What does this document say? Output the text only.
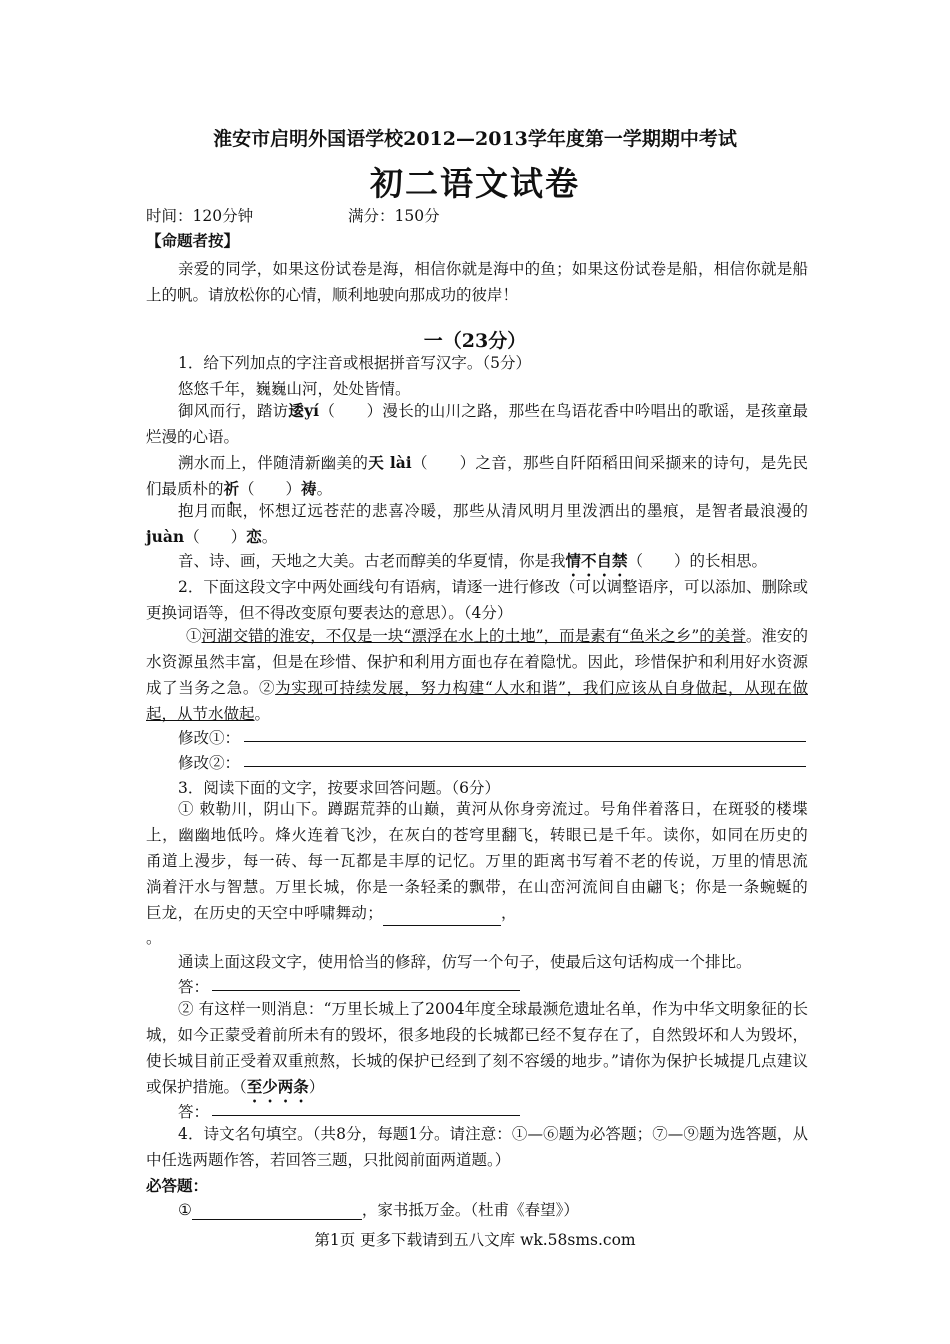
淮安市启明外国语学校2012—2013学年度第一学期期中考试
初二语文试卷
时间：120分钟	满分：150分
【命题者按】
亲爱的同学，如果这份试卷是海，相信你就是海中的鱼；如果这份试卷是船，相信你就是船上的帆。请放松你的心情，顺利地驶向那成功的彼岸！
一（23分）
1．给下列加点的字注音或根据拼音写汉字。（5分）
悠悠千年，巍巍山河，处处皆情。
御风而行，踏访逶yí（　　）漫长的山川之路，那些在鸟语花香中吟唱出的歌谣，是孩童最烂漫的心语。
溯水而上，伴随清新幽美的天 lài（　　）之音，那些自阡陌稻田间采撷来的诗句，是先民们最质朴的祈（　　）祷。
抱月而眠，怀想辽远苍茫的悲喜冷暖，那些从清风明月里泼洒出的墨痕，是智者最浪漫的 juàn（　　）恋。
音、诗、画，天地之大美。古老而醇美的华夏情，你是我情不自禁（　　）的长相思。
2．下面这段文字中两处画线句有语病，请逐一进行修改（可以调整语序，可以添加、删除或更换词语等，但不得改变原句要表达的意思）。（4分）
①河湖交错的淮安，不仅是一块“漂浮在水上的土地”，而是素有“鱼米之乡”的美誉。淮安的水资源虽然丰富，但是在珍惜、保护和利用方面也存在着隐忧。因此，珍惜保护和利用好水资源成了当务之急。②为实现可持续发展，努力构建“人水和谐”，我们应该从自身做起，从现在做起，从节水做起。
修改①：
修改②：
3．阅读下面的文字，按要求回答问题。（6分）
① 敕勒川，阴山下。蹲踞荒莽的山巅，黄河从你身旁流过。号角伴着落日，在斑驳的楼堞上，幽幽地低吟。烽火连着飞沙，在灰白的苍穹里翻飞，转眼已是千年。读你，如同在历史的甬道上漫步，每一砖、每一瓦都是丰厚的记忆。万里的距离书写着不老的传说，万里的情思流淌着汗水与智慧。万里长城，你是一条轻柔的飘带，在山峦河流间自由翩飞；你是一条蜿蜒的巨龙，在历史的天空中呼啸舞动；	，
。
通读上面这段文字，使用恰当的修辞，仿写一个句子，使最后这句话构成一个排比。
答：
② 有这样一则消息：“万里长城上了2004年度全球最濒危遗址名单，作为中华文明象征的长城，如今正蒙受着前所未有的毁坏，很多地段的长城都已经不复存在了，自然毁坏和人为毁坏，使长城目前正受着双重煎熬，长城的保护已经到了刻不容缓的地步。”请你为保护长城提几点建议或保护措施。（至少两条）
答：
4．诗文名句填空。（共8分，每题1分。请注意：①—⑥题为必答题；⑦—⑨题为选答题，从中任选两题作答，若回答三题，只批阅前面两道题。）
必答题：
①	，家书抵万金。（杜甫《春望》）
第1页 更多下载请到五八文库 wk.58sms.com
